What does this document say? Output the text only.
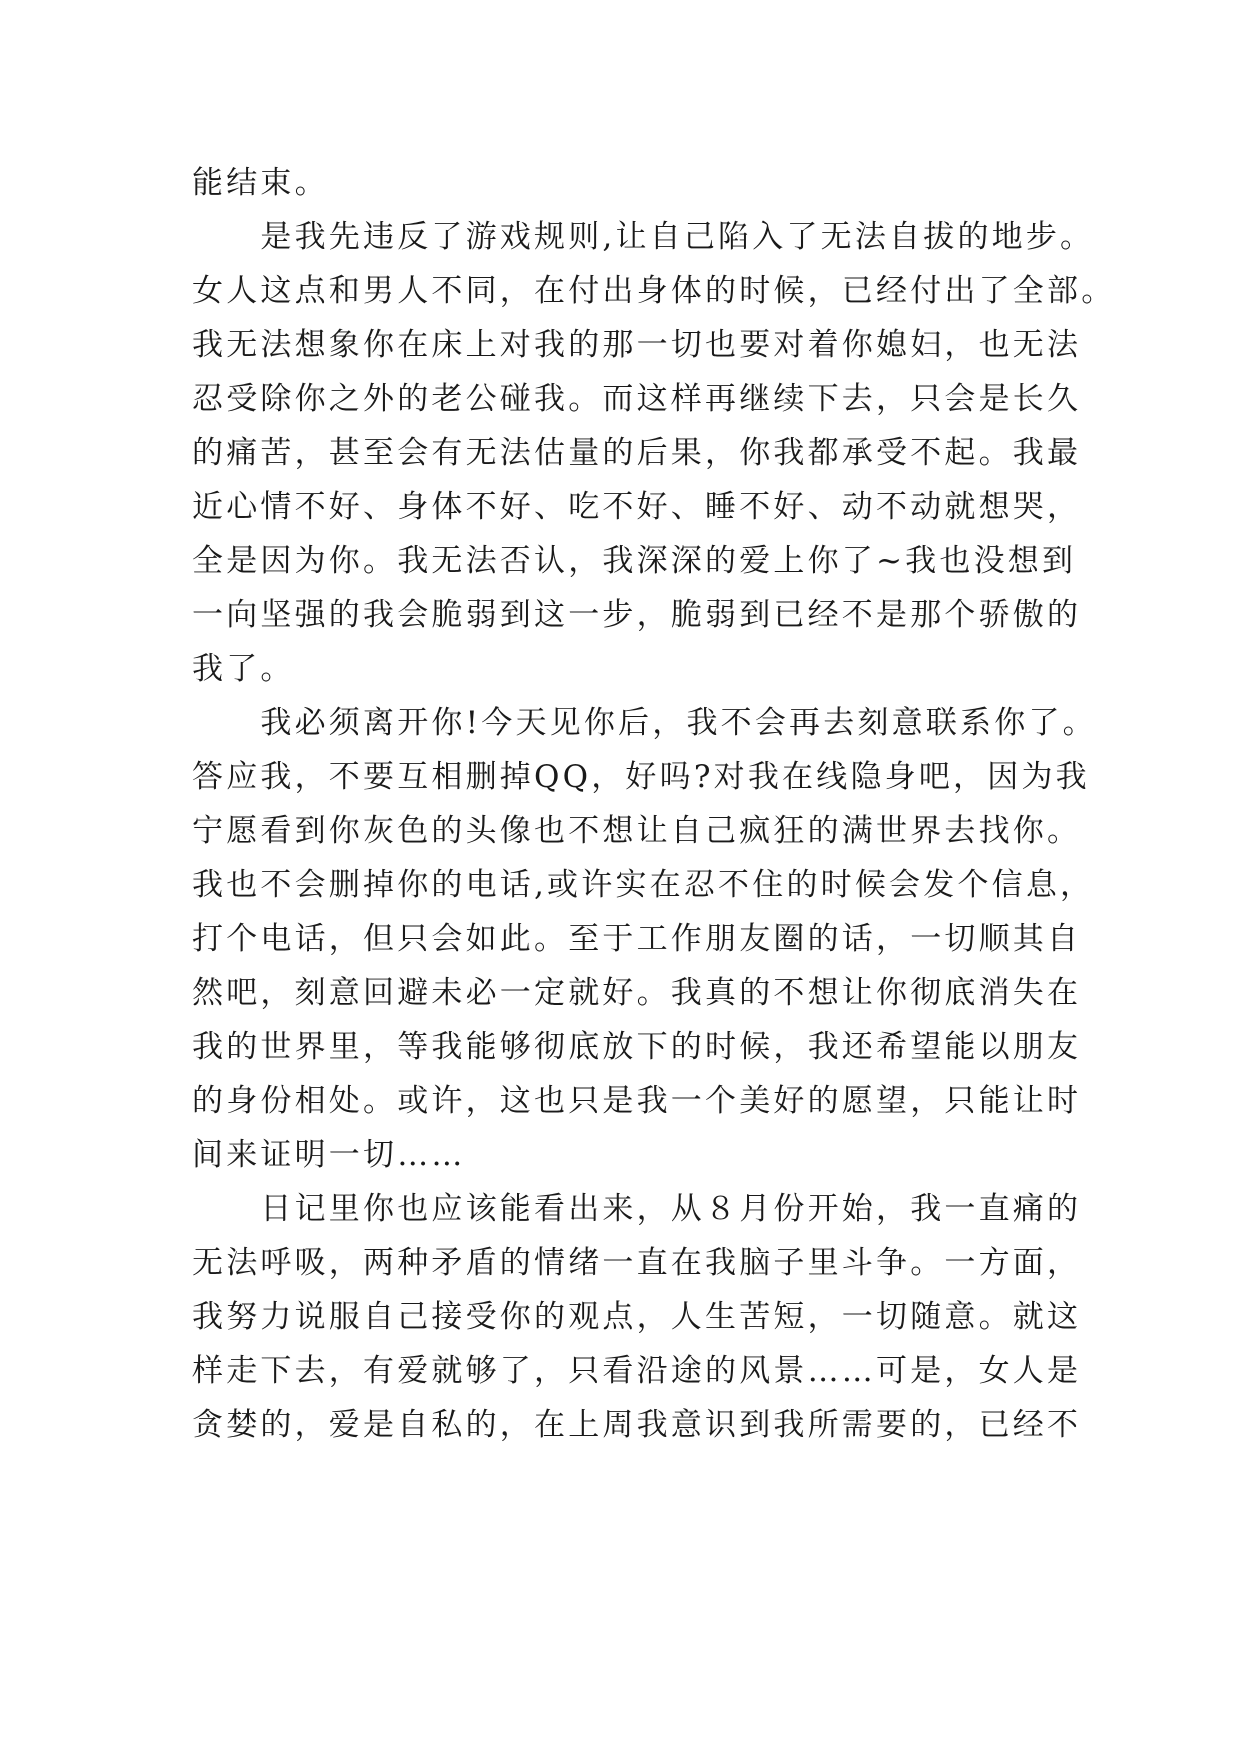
能结束。
　　是我先违反了游戏规则,让自己陷入了无法自拔的地步。
女人这点和男人不同，在付出身体的时候，已经付出了全部。
我无法想象你在床上对我的那一切也要对着你媳妇，也无法
忍受除你之外的老公碰我。而这样再继续下去，只会是长久
的痛苦，甚至会有无法估量的后果，你我都承受不起。我最
近心情不好、身体不好、吃不好、睡不好、动不动就想哭，
全是因为你。我无法否认，我深深的爱上你了~我也没想到
一向坚强的我会脆弱到这一步，脆弱到已经不是那个骄傲的
我了。
　　我必须离开你!今天见你后，我不会再去刻意联系你了。
答应我，不要互相删掉QQ，好吗?对我在线隐身吧，因为我
宁愿看到你灰色的头像也不想让自己疯狂的满世界去找你。
我也不会删掉你的电话,或许实在忍不住的时候会发个信息，
打个电话，但只会如此。至于工作朋友圈的话，一切顺其自
然吧，刻意回避未必一定就好。我真的不想让你彻底消失在
我的世界里，等我能够彻底放下的时候，我还希望能以朋友
的身份相处。或许，这也只是我一个美好的愿望，只能让时
间来证明一切……
　　日记里你也应该能看出来，从８月份开始，我一直痛的
无法呼吸，两种矛盾的情绪一直在我脑子里斗争。一方面，
我努力说服自己接受你的观点，人生苦短，一切随意。就这
样走下去，有爱就够了，只看沿途的风景……可是，女人是
贪婪的，爱是自私的，在上周我意识到我所需要的，已经不
